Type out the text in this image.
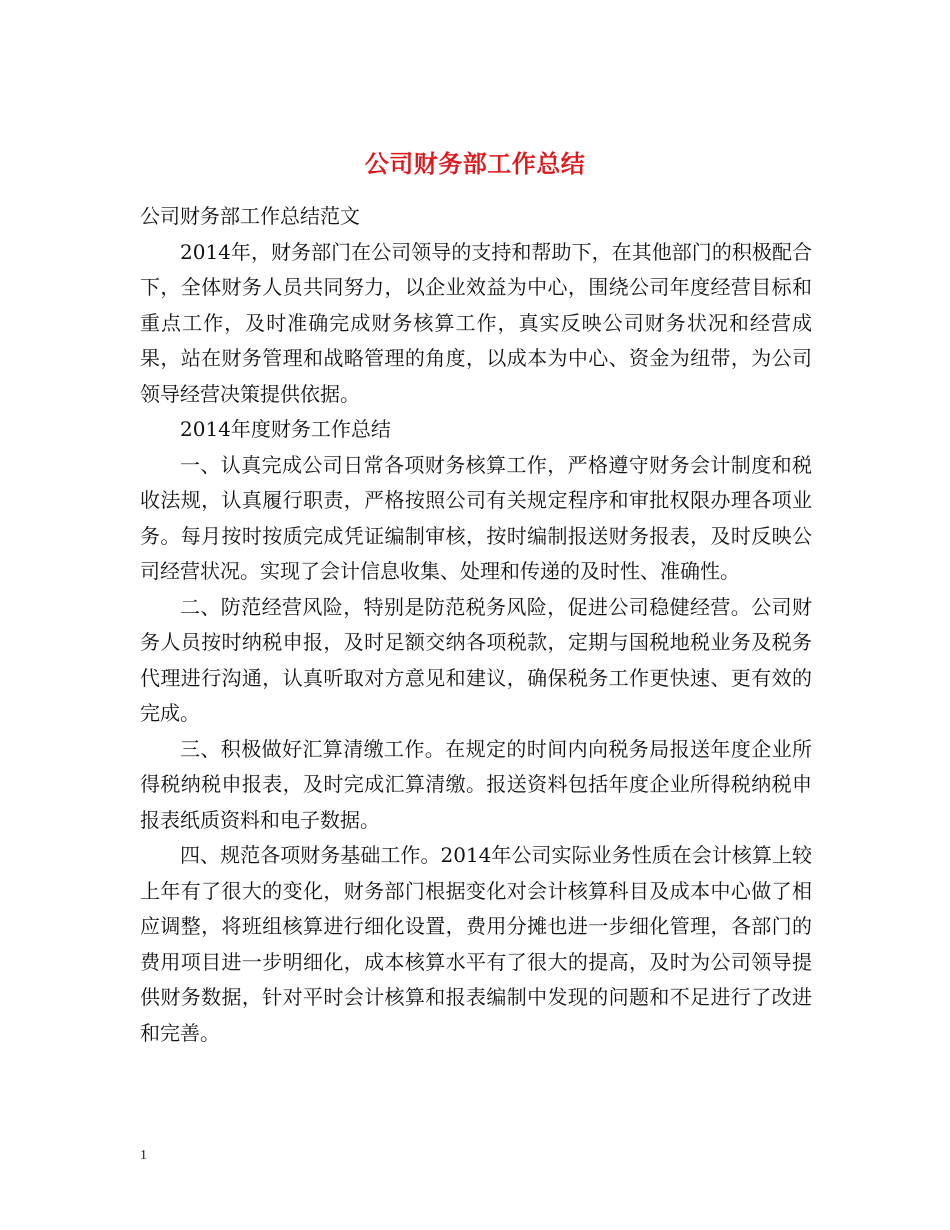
公司财务部工作总结

公司财务部工作总结范文

2014年，财务部门在公司领导的支持和帮助下，在其他部门的积极配合下，全体财务人员共同努力，以企业效益为中心，围绕公司年度经营目标和重点工作，及时准确完成财务核算工作，真实反映公司财务状况和经营成果，站在财务管理和战略管理的角度，以成本为中心、资金为纽带，为公司领导经营决策提供依据。

2014年度财务工作总结

一、认真完成公司日常各项财务核算工作，严格遵守财务会计制度和税收法规，认真履行职责，严格按照公司有关规定程序和审批权限办理各项业务。每月按时按质完成凭证编制审核，按时编制报送财务报表，及时反映公司经营状况。实现了会计信息收集、处理和传递的及时性、准确性。

二、防范经营风险，特别是防范税务风险，促进公司稳健经营。公司财务人员按时纳税申报，及时足额交纳各项税款，定期与国税地税业务及税务代理进行沟通，认真听取对方意见和建议，确保税务工作更快速、更有效的完成。

三、积极做好汇算清缴工作。在规定的时间内向税务局报送年度企业所得税纳税申报表，及时完成汇算清缴。报送资料包括年度企业所得税纳税申报表纸质资料和电子数据。

四、规范各项财务基础工作。2014年公司实际业务性质在会计核算上较上年有了很大的变化，财务部门根据变化对会计核算科目及成本中心做了相应调整，将班组核算进行细化设置，费用分摊也进一步细化管理，各部门的费用项目进一步明细化，成本核算水平有了很大的提高，及时为公司领导提供财务数据，针对平时会计核算和报表编制中发现的问题和不足进行了改进和完善。

1
